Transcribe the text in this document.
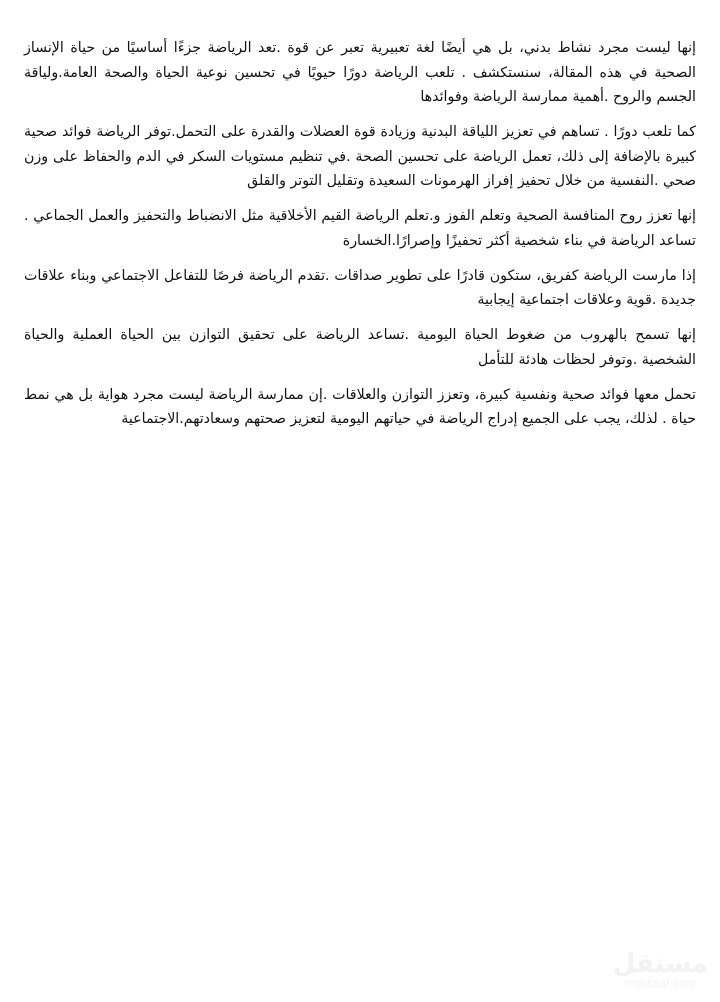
إنها ليست مجرد نشاط بدني، بل هي أيضًا لغة تعبيرية تعبر عن قوة .تعد الرياضة جزءًا أساسيًا من حياة الإنساز الصحية في هذه المقالة، سنستكشف . تلعب الرياضة دورًا حيويًا في تحسين نوعية الحياة والصحة العامة.ولياقة الجسم والروح .أهمية ممارسة الرياضة وفوائدها

كما تلعب دورًا . تساهم في تعزيز اللياقة البدنية وزيادة قوة العضلات والقدرة على التحمل.توفر الرياضة فوائد صحية كبيرة بالإضافة إلى ذلك، تعمل الرياضة على تحسين الصحة .في تنظيم مستويات السكر في الدم والحفاظ على وزن صحي .النفسية من خلال تحفيز إفراز الهرمونات السعيدة وتقليل التوتر والقلق

إنها تعزز روح المنافسة الصحية وتعلم الفوز و.تعلم الرياضة القيم الأخلاقية مثل الانضباط والتحفيز والعمل الجماعي . تساعد الرياضة في بناء شخصية أكثر تحفيزًا وإصرارًا.الخسارة

إذا مارست الرياضة كفريق، ستكون قادرًا على تطوير صداقات .تقدم الرياضة فرصًا للتفاعل الاجتماعي وبناء علاقات جديدة .قوية وعلاقات اجتماعية إيجابية

إنها تسمح بالهروب من ضغوط الحياة اليومية .تساعد الرياضة على تحقيق التوازن بين الحياة العملية والحياة الشخصية .وتوفر لحظات هادئة للتأمل

تحمل معها فوائد صحية ونفسية كبيرة، وتعزز التوازن والعلاقات .إن ممارسة الرياضة ليست مجرد هواية بل هي نمط حياة . لذلك، يجب على الجميع إدراج الرياضة في حياتهم اليومية لتعزيز صحتهم وسعادتهم.الاجتماعية

مستقل
mostaql.com
